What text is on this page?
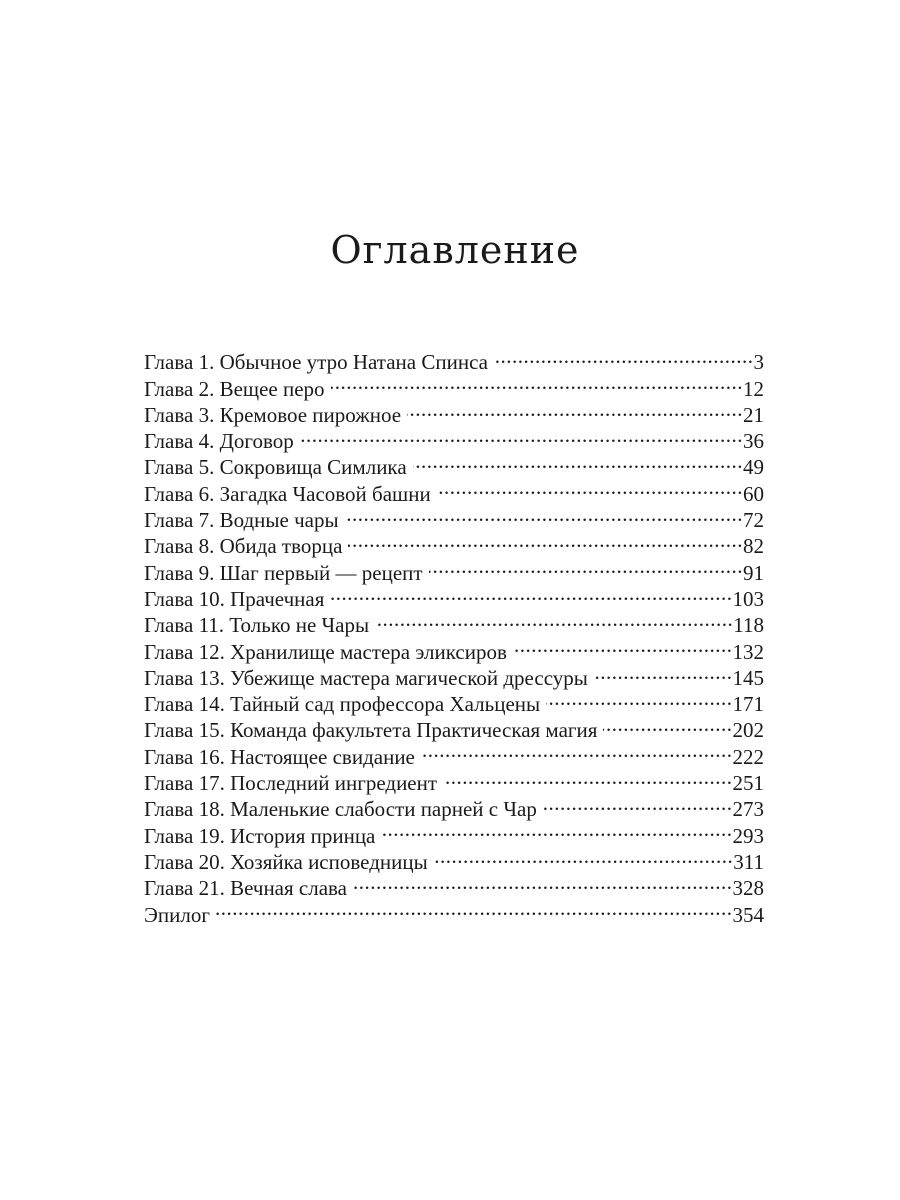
Оглавление
Глава 1. Обычное утро Натана Спинса .....	3
Глава 2. Вещее перо .....	12
Глава 3. Кремовое пирожное .....	21
Глава 4. Договор .....	36
Глава 5. Сокровища Симлика .....	49
Глава 6. Загадка Часовой башни .....	60
Глава 7. Водные чары .....	72
Глава 8. Обида творца .....	82
Глава 9. Шаг первый — рецепт .....	91
Глава 10. Прачечная .....	103
Глава 11. Только не Чары .....	118
Глава 12. Хранилище мастера эликсиров .....	132
Глава 13. Убежище мастера магической дрессуры .....	145
Глава 14. Тайный сад профессора Хальцены .....	171
Глава 15. Команда факультета Практическая магия .....	202
Глава 16. Настоящее свидание .....	222
Глава 17. Последний ингредиент .....	251
Глава 18. Маленькие слабости парней с Чар .....	273
Глава 19. История принца .....	293
Глава 20. Хозяйка исповедницы .....	311
Глава 21. Вечная слава .....	328
Эпилог .....	354
